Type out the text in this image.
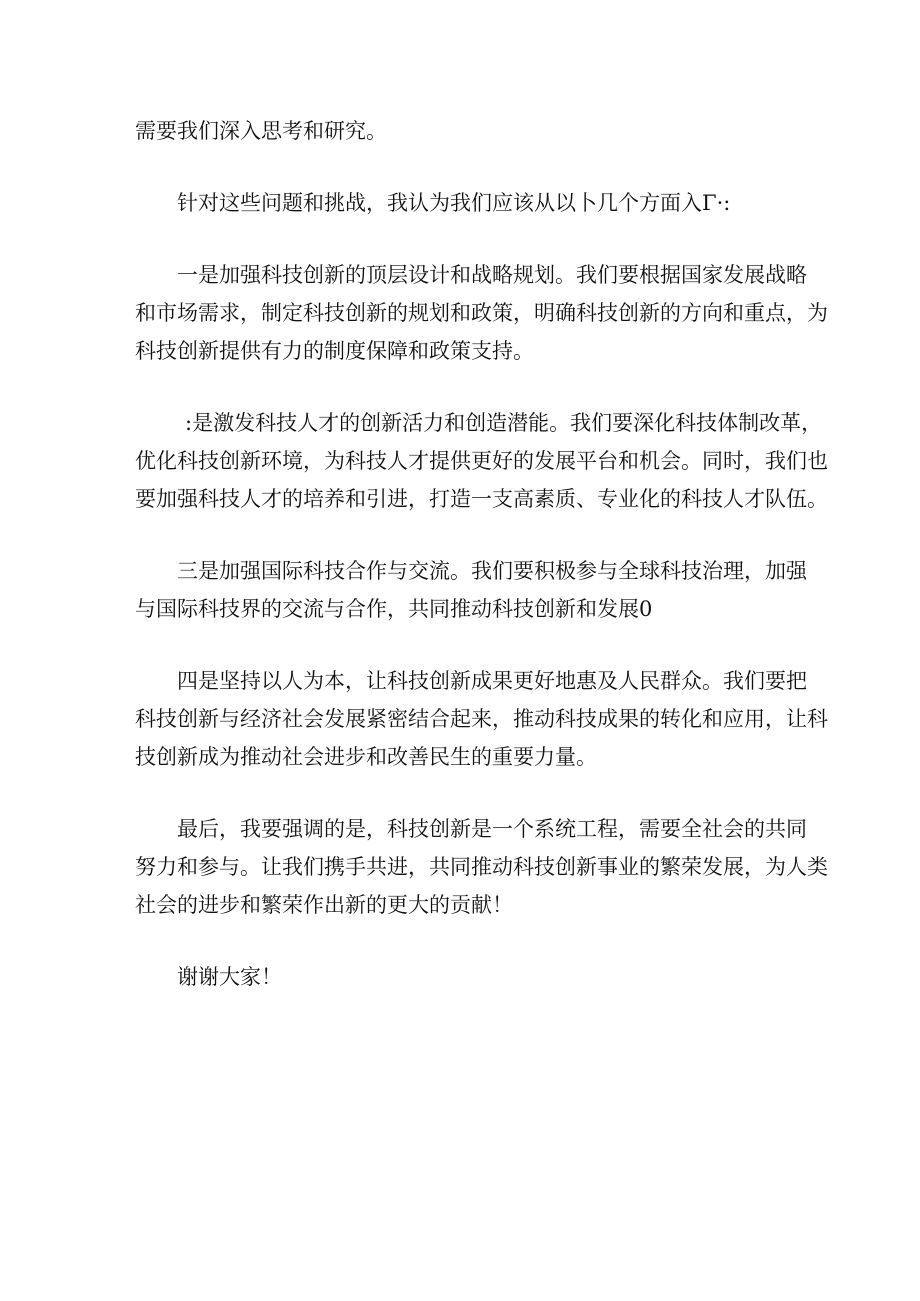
需要我们深入思考和研究。

针对这些问题和挑战，我认为我们应该从以卜几个方面入Γ·:

一是加强科技创新的顶层设计和战略规划。我们要根据国家发展战略
和市场需求，制定科技创新的规划和政策，明确科技创新的方向和重点，为
科技创新提供有力的制度保障和政策支持。

:是激发科技人才的创新活力和创造潜能。我们要深化科技体制改革，
优化科技创新环境，为科技人才提供更好的发展平台和机会。同时，我们也
要加强科技人才的培养和引进，打造一支高素质、专业化的科技人才队伍。

三是加强国际科技合作与交流。我们要积极参与全球科技治理，加强
与国际科技界的交流与合作，共同推动科技创新和发展0

四是坚持以人为本，让科技创新成果更好地惠及人民群众。我们要把
科技创新与经济社会发展紧密结合起来，推动科技成果的转化和应用，让科
技创新成为推动社会进步和改善民生的重要力量。

最后，我要强调的是，科技创新是一个系统工程，需要全社会的共同
努力和参与。让我们携手共进，共同推动科技创新事业的繁荣发展，为人类
社会的进步和繁荣作出新的更大的贡献！

谢谢大家！
